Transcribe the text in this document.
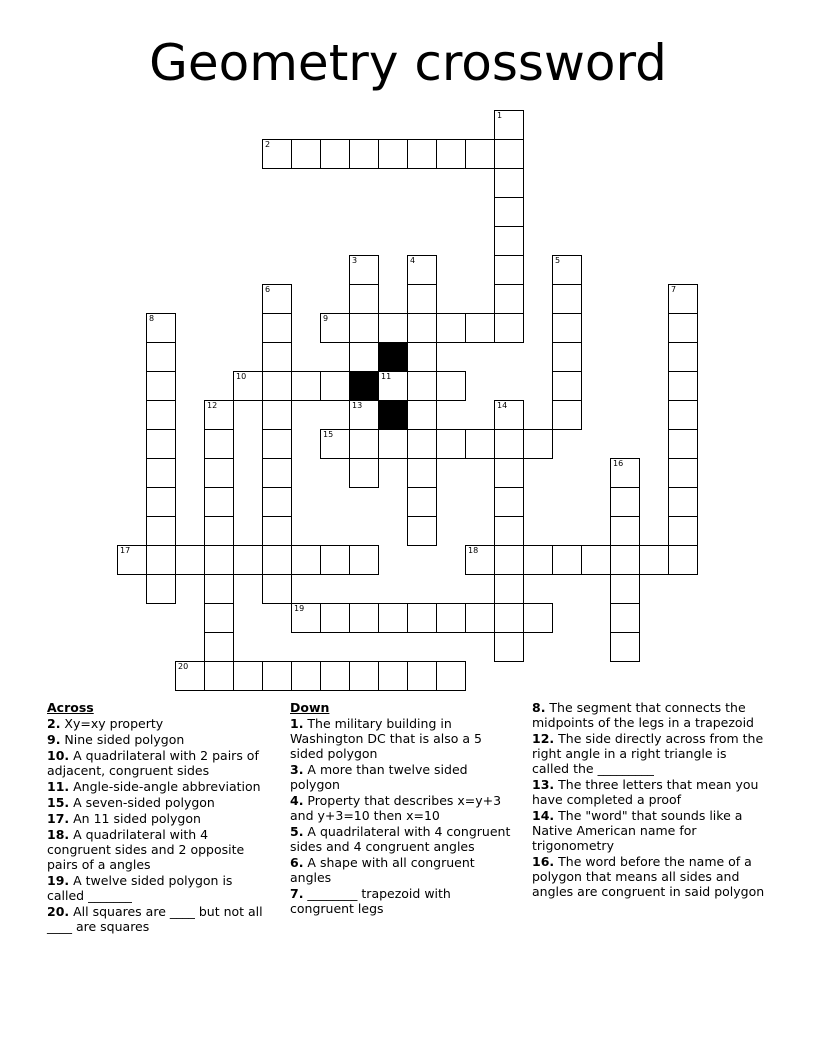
Geometry crossword
1
2
3
13
4	5
6	7
8	9
10	11
12	14
15
16
17	18
19
20
Across
2. Xy=xy property
9. Nine sided polygon
10. A quadrilateral with 2 pairs of adjacent, congruent sides
11. Angle-side-angle abbreviation
15. A seven-sided polygon
17. An 11 sided polygon
18. A quadrilateral with 4 congruent sides and 2 opposite pairs of a angles
19. A twelve sided polygon is called _______
20. All squares are ____ but not all ____ are squares
Down
1. The military building in Washington DC that is also a 5 sided polygon
3. A more than twelve sided polygon
4. Property that describes x=y+3 and y+3=10 then x=10
5. A quadrilateral with 4 congruent sides and 4 congruent angles
6. A shape with all congruent angles
7. ________ trapezoid with congruent legs
8. The segment that connects the midpoints of the legs in a trapezoid
12. The side directly across from the right angle in a right triangle is called the _________
13. The three letters that mean you have completed a proof
14. The "word" that sounds like a Native American name for trigonometry
16. The word before the name of a polygon that means all sides and angles are congruent in said polygon
